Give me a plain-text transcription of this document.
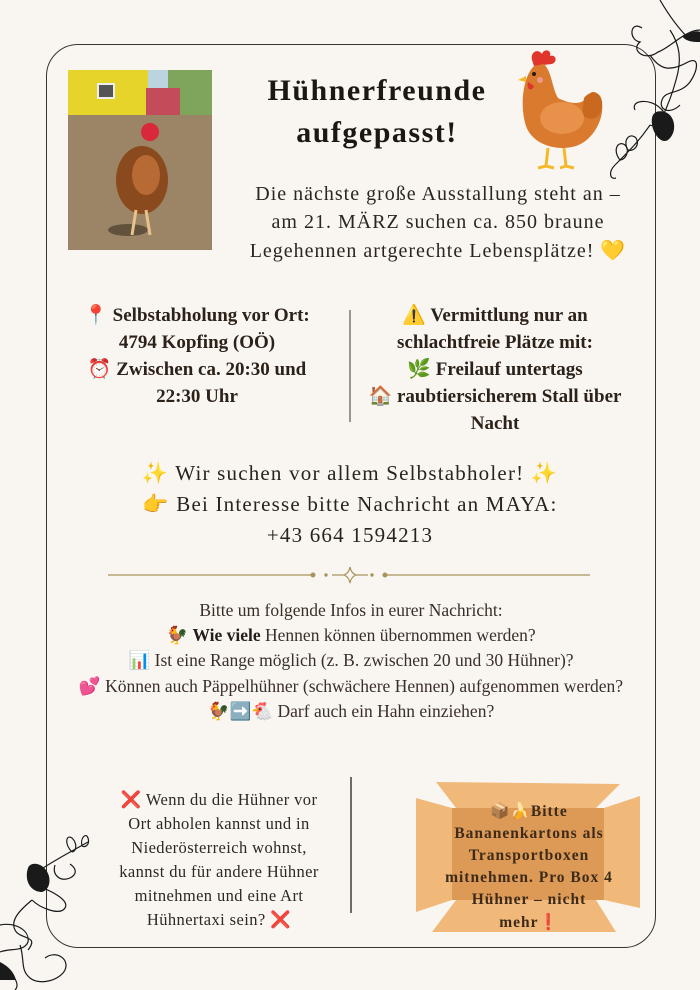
Hühnerfreunde
aufgepasst!
Die nächste große Ausstallung steht an –
am 21. MÄRZ suchen ca. 850 braune
Legehennen artgerechte Lebensplätze! 💛
📍 Selbstabholung vor Ort:
4794 Kopfing (OÖ)
⏰ Zwischen ca. 20:30 und
22:30 Uhr
⚠️ Vermittlung nur an
schlachtfreie Plätze mit:
🌿 Freilauf untertags
🏠 raubtiersicherem Stall über
Nacht
✨ Wir suchen vor allem Selbstabholer! ✨
👉 Bei Interesse bitte Nachricht an MAYA:
+43 664 1594213
Bitte um folgende Infos in eurer Nachricht:
🐓 Wie viele Hennen können übernommen werden?
📊 Ist eine Range möglich (z. B. zwischen 20 und 30 Hühner)?
💕 Können auch Päppelhühner (schwächere Hennen) aufgenommen werden?
🐓➡️🐔 Darf auch ein Hahn einziehen?
❌ Wenn du die Hühner vor
Ort abholen kannst und in
Niederösterreich wohnst,
kannst du für andere Hühner
mitnehmen und eine Art
Hühnertaxi sein? ❌
📦🍌Bitte
Bananenkartons als
Transportboxen
mitnehmen. Pro Box 4
Hühner – nicht
mehr❗
